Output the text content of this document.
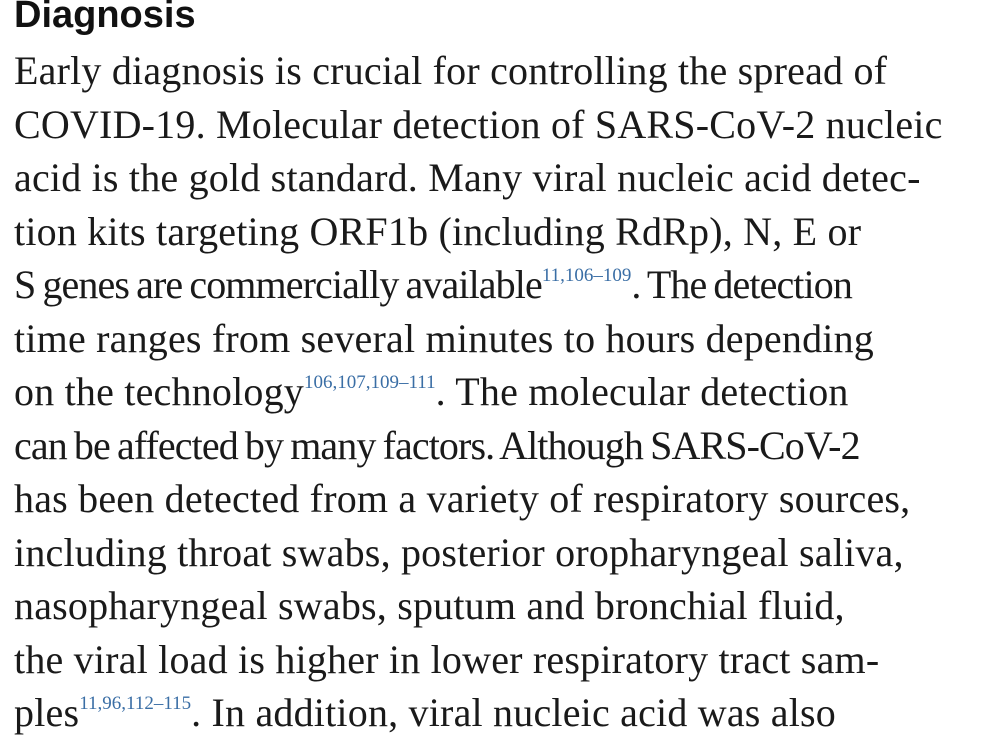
Diagnosis
Early diagnosis is crucial for controlling the spread of
COVID-19. Molecular detection of SARS-CoV-2 nucleic
acid is the gold standard. Many viral nucleic acid detec-
tion kits targeting ORF1b (including RdRp), N, E or
S genes are commercially available$^{11,106-109}$. The detection
time ranges from several minutes to hours depending
on the technology$^{106,107,109-111}$. The molecular detection
can be affected by many factors. Although SARS-CoV-2
has been detected from a variety of respiratory sources,
including throat swabs, posterior oropharyngeal saliva,
nasopharyngeal swabs, sputum and bronchial fluid,
the viral load is higher in lower respiratory tract sam-
ples$^{11,96,112-115}$. In addition, viral nucleic acid was also
